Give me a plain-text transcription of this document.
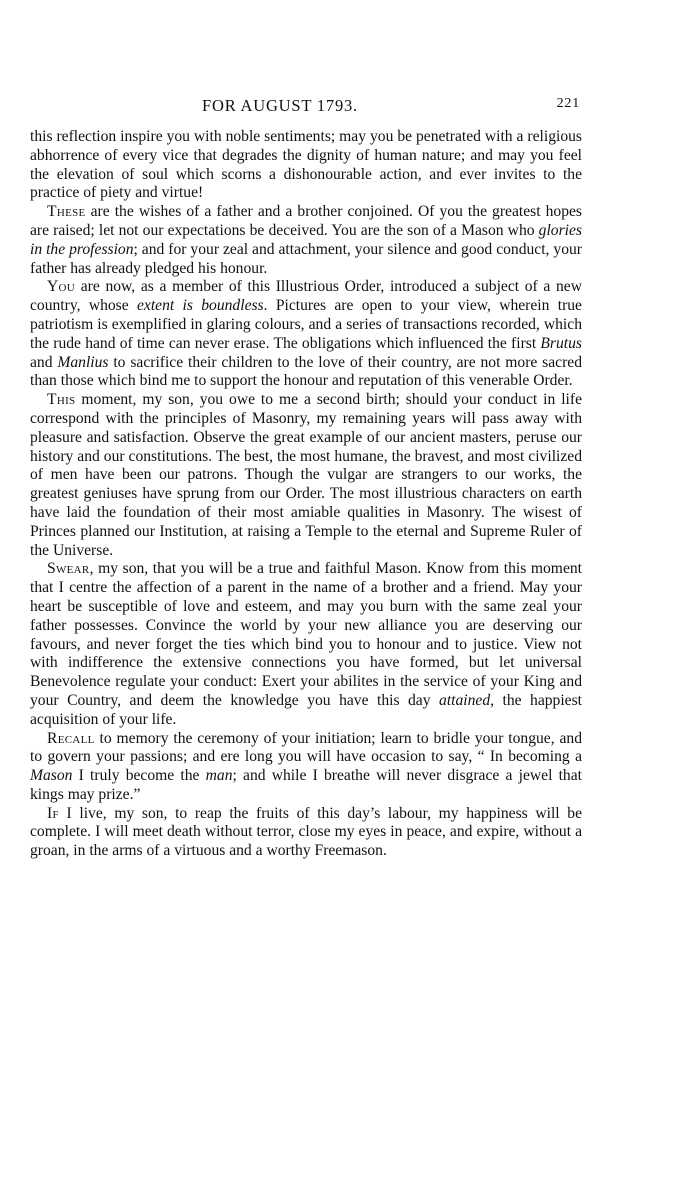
FOR AUGUST 1793.	221

this reflection inspire you with noble sentiments; may you be penetrated with a religious abhorrence of every vice that degrades the dignity of human nature; and may you feel the elevation of soul which scorns a dishonourable action, and ever invites to the practice of piety and virtue!

These are the wishes of a father and a brother conjoined. Of you the greatest hopes are raised; let not our expectations be deceived. You are the son of a Mason who glories in the profession; and for your zeal and attachment, your silence and good conduct, your father has already pledged his honour.

You are now, as a member of this Illustrious Order, introduced a subject of a new country, whose extent is boundless. Pictures are open to your view, wherein true patriotism is exemplified in glaring colours, and a series of transactions recorded, which the rude hand of time can never erase. The obligations which influenced the first Brutus and Manlius to sacrifice their children to the love of their country, are not more sacred than those which bind me to support the honour and reputation of this venerable Order.

This moment, my son, you owe to me a second birth; should your conduct in life correspond with the principles of Masonry, my remaining years will pass away with pleasure and satisfaction. Observe the great example of our ancient masters, peruse our history and our constitutions. The best, the most humane, the bravest, and most civilized of men have been our patrons. Though the vulgar are strangers to our works, the greatest geniuses have sprung from our Order. The most illustrious characters on earth have laid the foundation of their most amiable qualities in Masonry. The wisest of Princes planned our Institution, at raising a Temple to the eternal and Supreme Ruler of the Universe.

Swear, my son, that you will be a true and faithful Mason. Know from this moment that I centre the affection of a parent in the name of a brother and a friend. May your heart be susceptible of love and esteem, and may you burn with the same zeal your father possesses. Convince the world by your new alliance you are deserving our favours, and never forget the ties which bind you to honour and to justice. View not with indifference the extensive connections you have formed, but let universal Benevolence regulate your conduct: Exert your abilites in the service of your King and your Country, and deem the knowledge you have this day attained, the happiest acquisition of your life.

Recall to memory the ceremony of your initiation; learn to bridle your tongue, and to govern your passions; and ere long you will have occasion to say, “ In becoming a Mason I truly become the man; and while I breathe will never disgrace a jewel that kings may prize.”

If I live, my son, to reap the fruits of this day’s labour, my happiness will be complete. I will meet death without terror, close my eyes in peace, and expire, without a groan, in the arms of a virtuous and a worthy Freemason.
